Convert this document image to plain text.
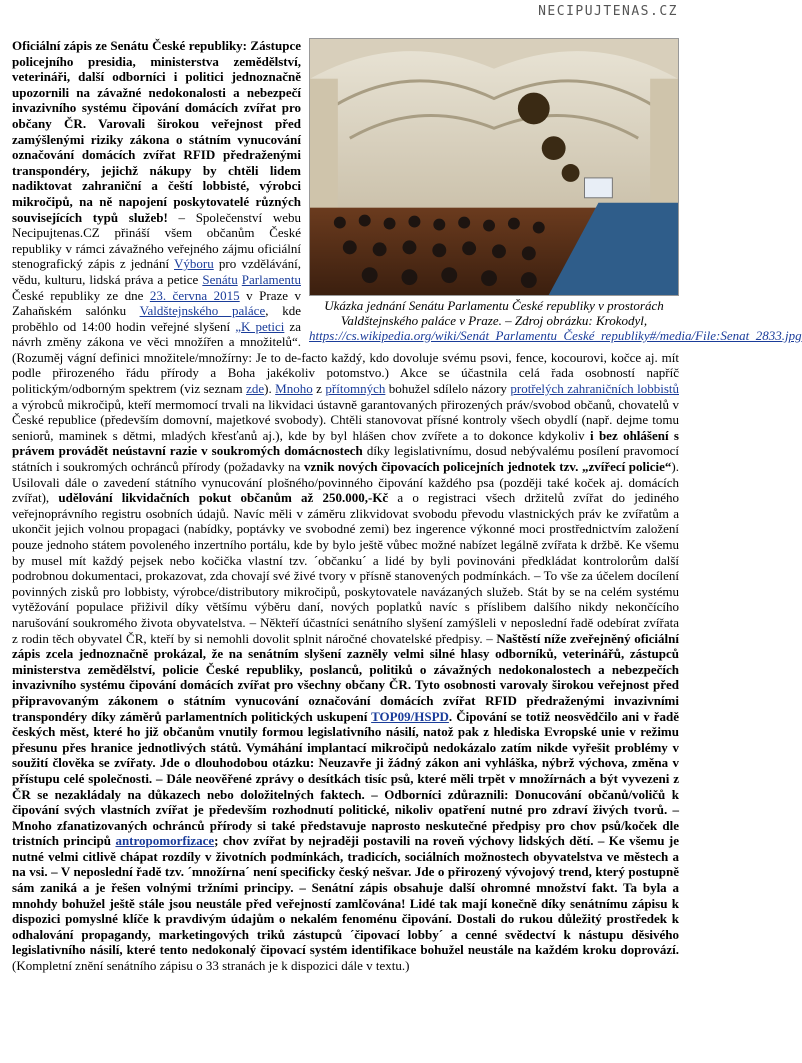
NECIPUJTENAS.CZ
Ukázka jednání Senátu Parlamentu České republiky v prostorách Valdštejnského paláce v Praze. – Zdroj obrázku: Krokodyl, https://cs.wikipedia.org/wiki/Senát_Parlamentu_České_republiky#/media/File:Senat_2833.jpg

Oficiální zápis ze Senátu České republiky: Zástupce policejního presidia, ministerstva zemědělství, veterináři, další odborníci i politici jednoznačně upozornili na závažné nedokonalosti a nebezpečí invazivního systému čipování domácích zvířat pro občany ČR. Varovali širokou veřejnost před zamýšlenými riziky zákona o státním vynucování označování domácích zvířat RFID předraženými transpondéry, jejichž nákupy by chtěli lidem nadiktovat zahraniční a čeští lobbisté, výrobci mikročipů, na ně napojení poskytovatelé různých souvisejících typů služeb! – Společenství webu Necipujtenas.CZ přináší všem občanům České republiky v rámci závažného veřejného zájmu oficiální stenografický zápis z jednání Výboru pro vzdělávání, vědu, kulturu, lidská práva a petice Senátu Parlamentu České republiky ze dne 23. června 2015 v Praze v Zahaňském salónku Valdštejnského paláce, kde proběhlo od 14:00 hodin veřejné slyšení „K petici za návrh změny zákona ve věci množířen a množitelů“. (Rozuměj vágní definici množitele/množírny: Je to de-facto každý, kdo dovoluje svému psovi, fence, kocourovi, kočce aj. mít podle přirozeného řádu přírody a Boha jakékoliv potomstvo.) Akce se účastnila celá řada osobností napříč politickým/odborným spektrem (viz seznam zde). Mnoho z přítomných bohužel sdílelo názory protřelých zahraničních lobbistů a výrobců mikročipů, kteří mermomocí trvali na likvidaci ústavně garantovaných přirozených práv/svobod občanů, chovatelů v České republice (především domovní, majetkové svobody). Chtěli stanovovat přísné kontroly všech obydlí (např. dejme tomu seniorů, maminek s dětmi, mladých křesťanů aj.), kde by byl hlášen chov zvířete a to dokonce kdykoliv i bez ohlášení s právem provádět neústavní razie v soukromých domácnostech díky legislativnímu, dosud nebývalému posílení pravomocí státních i soukromých ochránců přírody (požadavky na vznik nových čipovacích policejních jednotek tzv. „zvířecí policie“). Usilovali dále o zavedení státního vynucování plošného/povinného čipování každého psa (později také koček aj. domácích zvířat), udělování likvidačních pokut občanům až 250.000,-Kč a o registraci všech držitelů zvířat do jediného veřejnoprávního registru osobních údajů. Navíc měli v záměru zlikvidovat svobodu převodu vlastnických práv ke zvířatům a ukončit jejich volnou propagaci (nabídky, poptávky ve svobodné zemi) bez ingerence výkonné moci prostřednictvím založení pouze jednoho státem povoleného inzertního portálu, kde by bylo ještě vůbec možné nabízet legálně zvířata k držbě. Ke všemu by musel mít každý pejsek nebo kočička vlastní tzv. ´občanku´ a lidé by byli povinováni předkládat kontrolorům další podrobnou dokumentaci, prokazovat, zda chovají své živé tvory v přísně stanovených podmínkách. – To vše za účelem docílení povinných zisků pro lobbisty, výrobce/distributory mikročipů, poskytovatele navázaných služeb. Stát by se na celém systému vytěžování populace přiživil díky většímu výběru daní, nových poplatků navíc s příslibem dalšího nikdy nekončícího narušování soukromého života obyvatelstva. – Někteří účastníci senátního slyšení zamýšleli v neposlední řadě odebírat zvířata z rodin těch obyvatel ČR, kteří by si nemohli dovolit splnit náročné chovatelské předpisy. – Naštěstí níže zveřejněný oficiální zápis zcela jednoznačně prokázal, že na senátním slyšení zazněly velmi silné hlasy odborníků, veterinářů, zástupců ministerstva zemědělství, policie České republiky, poslanců, politiků o závažných nedokonalostech a nebezpečích invazivního systému čipování domácích zvířat pro všechny občany ČR. Tyto osobnosti varovaly širokou veřejnost před připravovaným zákonem o státním vynucování označování domácích zvířat RFID předraženými invazivními transpondéry díky záměrů parlamentních politických uskupení TOP09/HSPD. Čipování se totiž neosvědčilo ani v řadě českých měst, které ho již občanům vnutily formou legislativního násilí, natož pak z hlediska Evropské unie v režimu přesunu přes hranice jednotlivých států. Vymáhání implantací mikročipů nedokázalo zatím nikde vyřešit problémy v soužití člověka se zvířaty. Jde o dlouhodobou otázku: Neuzavře ji žádný zákon ani vyhláška, nýbrž výchova, změna v přístupu celé společnosti. – Dále neověřené zprávy o desítkách tisíc psů, které měli trpět v množírnách a být vyvezeni z ČR se nezakládaly na důkazech nebo doložitelných faktech. – Odborníci zdůraznili: Donucování občanů/voličů k čipování svých vlastních zvířat je především rozhodnutí politické, nikoliv opatření nutné pro zdraví živých tvorů. – Mnoho zfanatizovaných ochránců přírody si také představuje naprosto neskutečné předpisy pro chov psů/koček dle tristních principů antropomorfizace; chov zvířat by nejraději postavili na roveň výchovy lidských dětí. – Ke všemu je nutné velmi citlivě chápat rozdíly v životních podmínkách, tradicích, sociálních možnostech obyvatelstva ve městech a na vsi. – V neposlední řadě tzv. ´množírna´ není specificky český nešvar. Jde o přirozený vývojový trend, který postupně sám zaniká a je řešen volnými tržními principy. – Senátní zápis obsahuje další ohromné množství fakt. Ta byla a mnohdy bohužel ještě stále jsou neustále před veřejností zamlčována! Lidé tak mají konečně díky senátnímu zápisu k dispozici pomyslné klíče k pravdivým údajům o nekalém fenoménu čipování. Dostali do rukou důležitý prostředek k odhalování propagandy, marketingových triků zástupců ´čipovací lobby´ a cenné svědectví k nástupu děsivého legislativního násilí, které tento nedokonalý čipovací systém identifikace bohužel neustále na každém kroku doprovází. (Kompletní znění senátního zápisu o 33 stranách je k dispozici dále v textu.)
